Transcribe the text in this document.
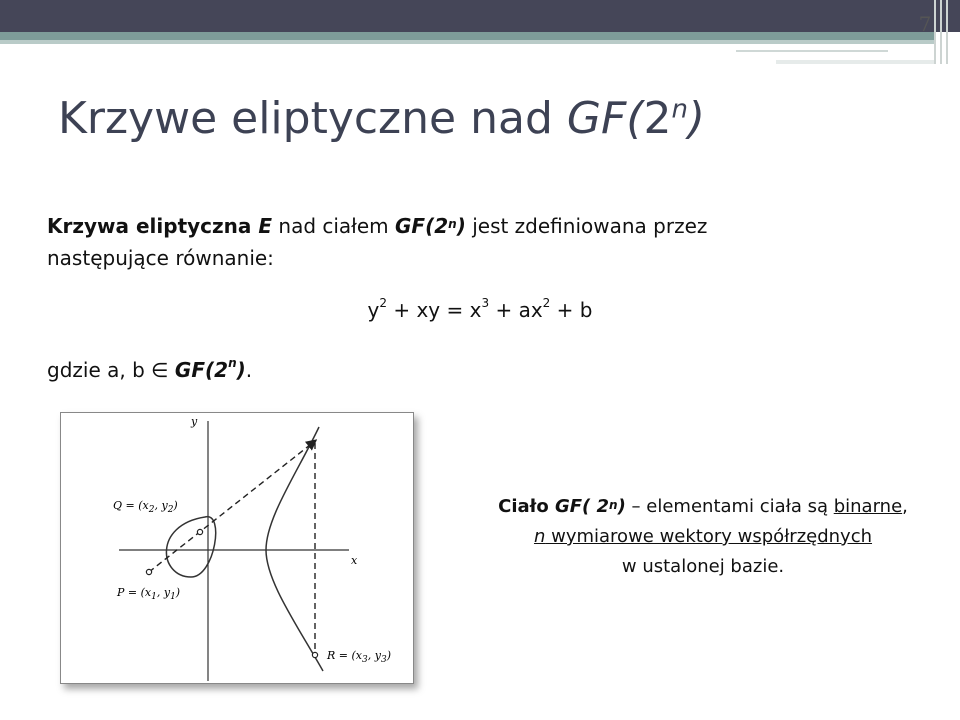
7
Krzywe eliptyczne nad GF(2$^n$)
Krzywa eliptyczna E nad ciałem GF(2$^n$) jest zdefiniowana przez
następujące równanie:
$y^2$ + xy = $x^3 + ax^2 + b$
gdzie a, b ∈ GF(2$^n$).
x
y
$Q = (x_2$, $y_2$)
$P = (x_1$, $y_1$)
$R = (x_3$, $y_3$)
Ciało GF( 2$^n$) – elementami ciała są binarne,
n wymiarowe wektory współrzędnych
w ustalonej bazie.
